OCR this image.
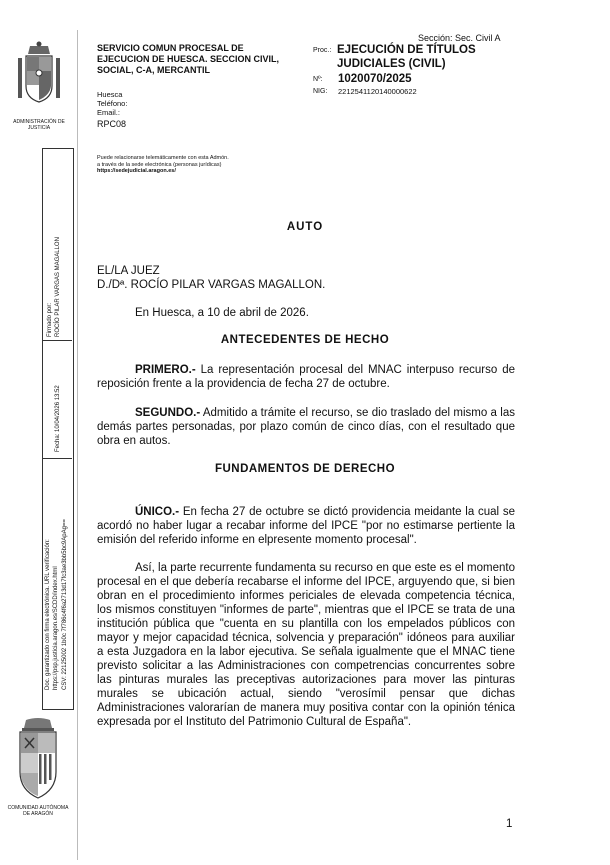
ADMINISTRACIÓN DE JUSTICIA
SERVICIO COMUN PROCESAL DE EJECUCION DE HUESCA. SECCION CIVIL, SOCIAL, C-A, MERCANTIL
Huesca
Teléfono:
Email.:
RPC08
Sección: Sec. Civil A
Proc.: EJECUCIÓN DE TÍTULOS JUDICIALES (CIVIL)
Nº: 1020070/2025
NIG: 2212541120140000622
Puede relacionarse telemáticamente con esta Admón.
a través de la sede electrónica (personas jurídicas)
https://sedejudicial.aragon.es/
Firmado por: ROCÍO PILAR VARGAS MAGALLON
Fecha: 10/04/2026 13:52
Doc. garantizado con firma electrónica. URL verificación: https://psp.justicia.aragon.es/SCDD/index.html CSV: 22125002 1b0c 7f786c4f6a2713d17fc3ae3bb5bc9ApAg==
COMUNIDAD AUTÓNOMA DE ARAGÓN
AUTO
EL/LA JUEZ
D./Dª. ROCÍO PILAR VARGAS MAGALLON.
En Huesca, a 10 de abril de 2026.
ANTECEDENTES DE HECHO
PRIMERO.- La representación procesal del MNAC interpuso recurso de reposición frente a la providencia de fecha 27 de octubre.
SEGUNDO.- Admitido a trámite el recurso, se dio traslado del mismo a las demás partes personadas, por plazo común de cinco días, con el resultado que obra en autos.
FUNDAMENTOS DE DERECHO
ÚNICO.- En fecha 27 de octubre se dictó providencia meidante la cual se acordó no haber lugar a recabar informe del IPCE "por no estimarse pertiente la emisión del referido informe en elpresente momento procesal".
Así, la parte recurrente fundamenta su recurso en que este es el momento procesal en el que debería recabarse el informe del IPCE, arguyendo que, si bien obran en el procedimiento informes periciales de elevada competencia técnica, los mismos constituyen "informes de parte", mientras que el IPCE se trata de una institución pública que "cuenta en su plantilla con los empelados públicos con mayor y mejor capacidad técnica, solvencia y preparación" idóneos para auxiliar a esta Juzgadora en la labor ejecutiva. Se señala igualmente que el MNAC tiene previsto solicitar a las Administraciones con competrencias concurrentes sobre las pinturas murales las preceptivas autorizaciones para mover las pinturas murales se ubicación actual, siendo "verosímil pensar que dichas Administraciones valorarían de manera muy positiva contar con la opinión ténica expresada por el Instituto del Patrimonio Cultural de España".
1
